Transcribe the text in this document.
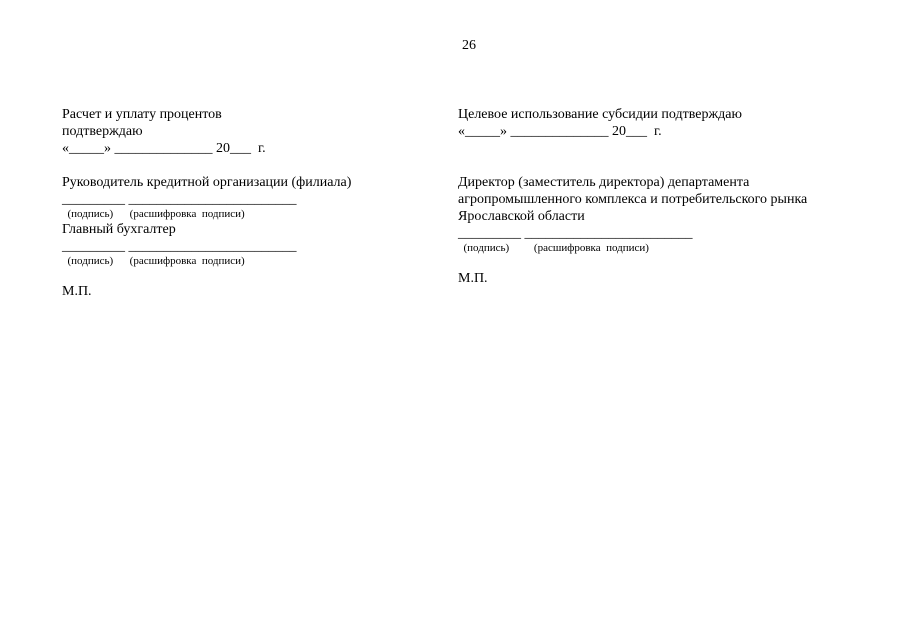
26
Расчет и уплату процентов
подтверждаю
«_____» ______________ 20___  г.
Руководитель кредитной организации (филиала)
_________ ________________________
(подпись)      (расшифровка  подписи)
Главный бухгалтер
_________ ________________________
(подпись)      (расшифровка  подписи)
М.П.
Целевое использование субсидии подтверждаю
«_____» ______________ 20___  г.
Директор (заместитель директора) департамента
агропромышленного комплекса и потребительского рынка
Ярославской области
_________ ________________________
(подпись)         (расшифровка  подписи)
М.П.
